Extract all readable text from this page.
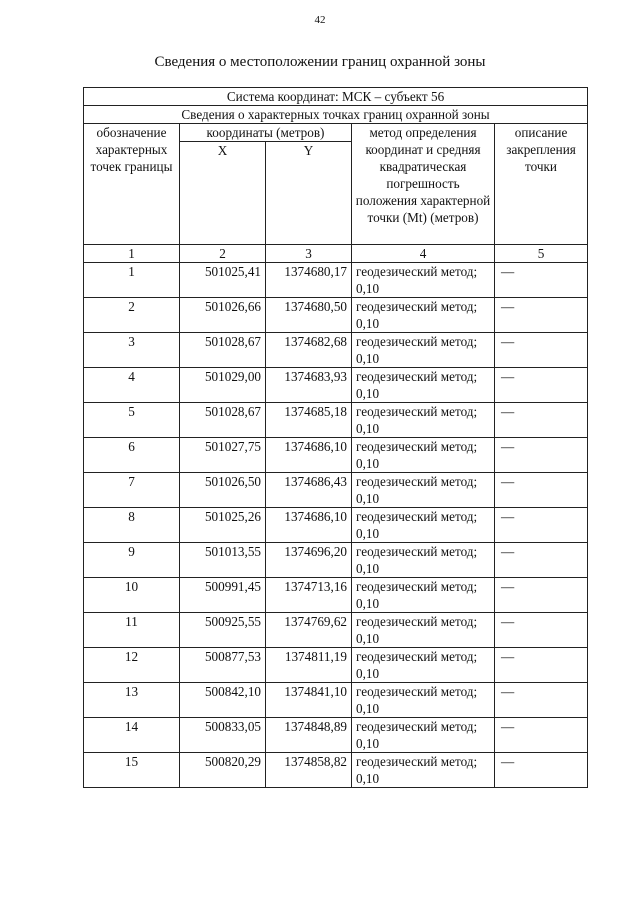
42
Сведения о местоположении границ охранной зоны
Система координат: МСК – субъект 56				
Сведения о характерных точках границ охранной зоны				
обозначение характерных точек границы	координаты (метров)		метод определения координат и средняя квадратическая погрешность положения характерной точки (Mt) (метров)	описание закрепления точки
	X	Y		
1	2	3	4	5
1	501025,41	1374680,17	геодезический метод; 0,10	—
2	501026,66	1374680,50	геодезический метод; 0,10	—
3	501028,67	1374682,68	геодезический метод; 0,10	—
4	501029,00	1374683,93	геодезический метод; 0,10	—
5	501028,67	1374685,18	геодезический метод; 0,10	—
6	501027,75	1374686,10	геодезический метод; 0,10	—
7	501026,50	1374686,43	геодезический метод; 0,10	—
8	501025,26	1374686,10	геодезический метод; 0,10	—
9	501013,55	1374696,20	геодезический метод; 0,10	—
10	500991,45	1374713,16	геодезический метод; 0,10	—
11	500925,55	1374769,62	геодезический метод; 0,10	—
12	500877,53	1374811,19	геодезический метод; 0,10	—
13	500842,10	1374841,10	геодезический метод; 0,10	—
14	500833,05	1374848,89	геодезический метод; 0,10	—
15	500820,29	1374858,82	геодезический метод; 0,10	—
